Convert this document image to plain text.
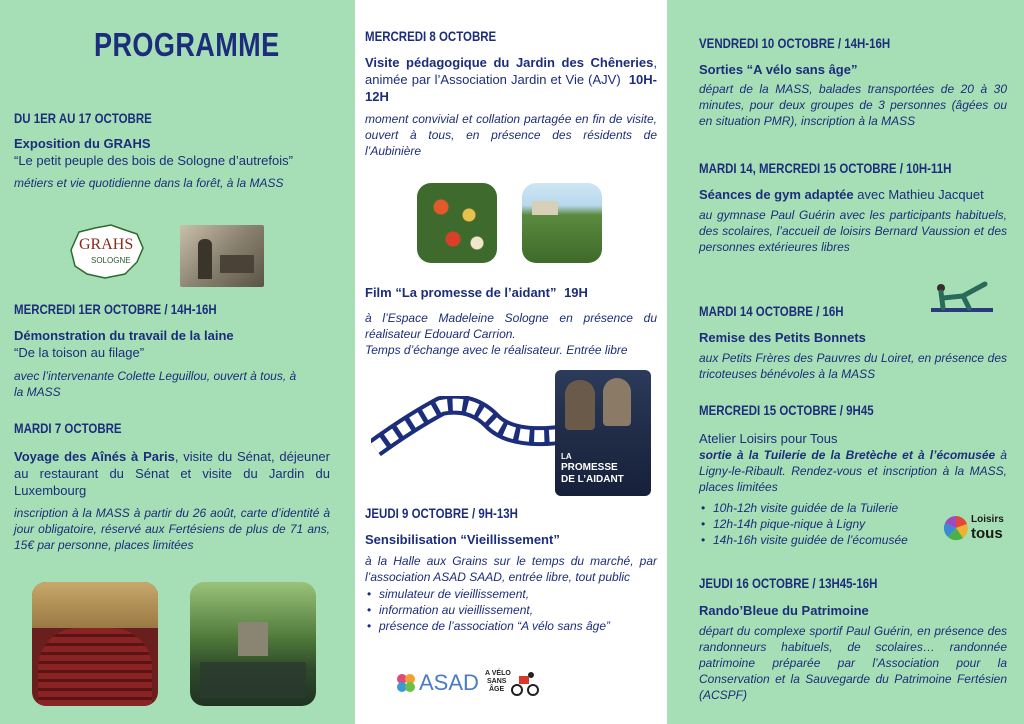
PROGRAMME
DU 1ER AU 17 OCTOBRE
Exposition du GRAHS
“Le petit peuple des bois de Sologne d’autrefois”
métiers et vie quotidienne dans la forêt, à la MASS
GRAHS
SOLOGNE
MERCREDI 1ER OCTOBRE / 14H-16H
Démonstration du travail de la laine
“De la toison au filage”
avec l’intervenante Colette Leguillou, ouvert à tous, à la MASS
MARDI 7 OCTOBRE
Voyage des Aînés à Paris, visite du Sénat, déjeuner au restaurant du Sénat et visite du Jardin du Luxembourg
inscription à la MASS à partir du 26 août, carte d’identité à jour obligatoire, réservé aux Fertésiens de plus de 71 ans, 15€ par personne, places limitées
MERCREDI 8 OCTOBRE
Visite pédagogique du Jardin des Chêneries, animée par l’Association Jardin et Vie (AJV) 10H-12H
moment convivial et collation partagée en fin de visite, ouvert à tous, en présence des résidents de l’Aubinière
Film “La promesse de l’aidant” 19H
à l’Espace Madeleine Sologne en présence du réalisateur Edouard Carrion.
Temps d’échange avec le réalisateur. Entrée libre
LA
PROMESSE
DE L’AIDANT
JEUDI 9 OCTOBRE / 9H-13H
Sensibilisation “Vieillissement”
à la Halle aux Grains sur le temps du marché, par l’association ASAD SAAD, entrée libre, tout public
• simulateur de vieillissement,
• information au vieillissement,
• présence de l’association “A vélo sans âge”
ASAD A VÉLO
SANS
ÂGE
VENDREDI 10 OCTOBRE / 14H-16H
Sorties “A vélo sans âge”
départ de la MASS, balades transportées de 20 à 30 minutes, pour deux groupes de 3 personnes (âgées ou en situation PMR), inscription à la MASS
MARDI 14, MERCREDI 15 OCTOBRE / 10H-11H
Séances de gym adaptée avec Mathieu Jacquet
au gymnase Paul Guérin avec les participants habituels, des scolaires, l’accueil de loisirs Bernard Vaussion et des personnes extérieures libres
MARDI 14 OCTOBRE / 16H
Remise des Petits Bonnets
aux Petits Frères des Pauvres du Loiret, en présence des tricoteuses bénévoles à la MASS
MERCREDI 15 OCTOBRE / 9H45
Atelier Loisirs pour Tous
sortie à la Tuilerie de la Bretèche et à l’écomusée à Ligny-le-Ribault. Rendez-vous et inscription à la MASS, places limitées
• 10h-12h visite guidée de la Tuilerie
• 12h-14h pique-nique à Ligny
• 14h-16h visite guidée de l’écomusée
Loisirs
tous
JEUDI 16 OCTOBRE / 13H45-16H
Rando’Bleue du Patrimoine
départ du complexe sportif Paul Guérin, en présence des randonneurs habituels, de scolaires… randonnée patrimoine préparée par l’Association pour la Conservation et la Sauvegarde du Patrimoine Fertésien (ACSPF)
